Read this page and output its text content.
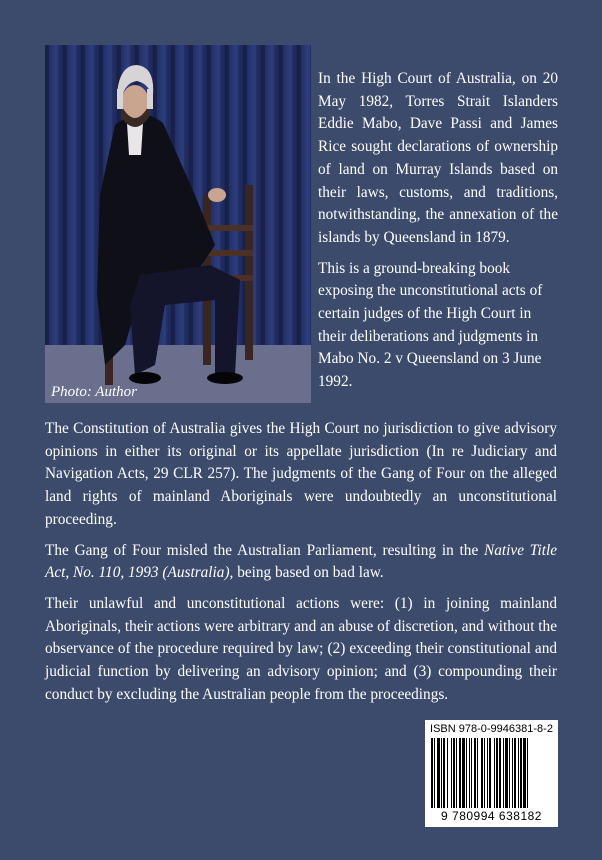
Photo: Author

In the High Court of Australia, on 20 May 1982, Torres Strait Islanders Eddie Mabo, Dave Passi and James Rice sought declarations of ownership of land on Murray Islands based on their laws, customs, and traditions, notwithstanding, the annexation of the islands by Queensland in 1879.

This is a ground-breaking book exposing the unconstitutional acts of certain judges of the High Court in their deliberations and judgments in Mabo No. 2 v Queensland on 3 June 1992.

The Constitution of Australia gives the High Court no jurisdiction to give advisory opinions in either its original or its appellate jurisdiction (In re Judiciary and Navigation Acts, 29 CLR 257). The judgments of the Gang of Four on the alleged land rights of mainland Aboriginals were undoubtedly an unconstitutional proceeding.

The Gang of Four misled the Australian Parliament, resulting in the Native Title Act, No. 110, 1993 (Australia), being based on bad law.

Their unlawful and unconstitutional actions were: (1) in joining mainland Aboriginals, their actions were arbitrary and an abuse of discretion, and without the observance of the procedure required by law; (2) exceeding their constitutional and judicial function by delivering an advisory opinion; and (3) compounding their conduct by excluding the Australian people from the proceedings.

ISBN 978-0-9946381-8-2
9 780994 638182
